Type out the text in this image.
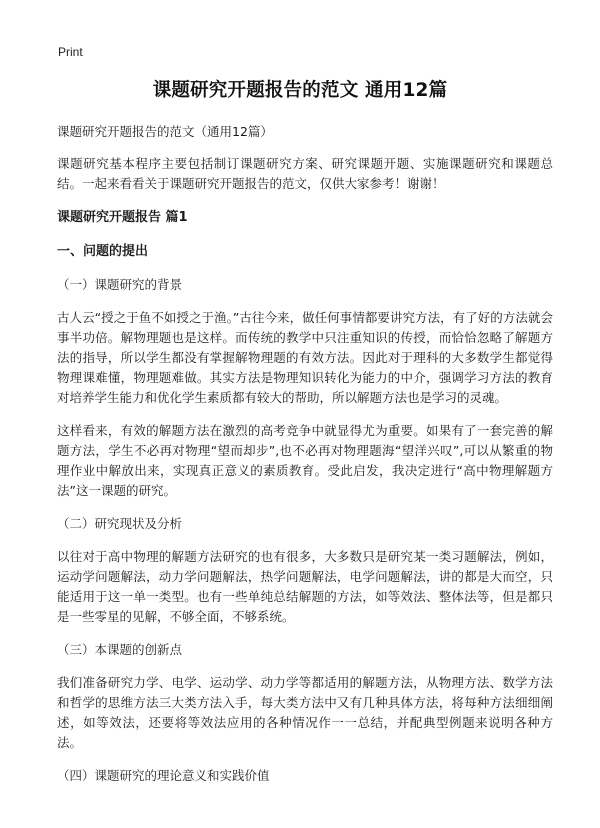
Print
课题研究开题报告的范文 通用12篇

课题研究开题报告的范文（通用12篇）

课题研究基本程序主要包括制订课题研究方案、研究课题开题、实施课题研究和课题总结。一起来看看关于课题研究开题报告的范文，仅供大家参考！谢谢！

课题研究开题报告 篇1

一、问题的提出

（一）课题研究的背景

古人云“授之于鱼不如授之于渔。”古往今来，做任何事情都要讲究方法，有了好的方法就会事半功倍。解物理题也是这样。而传统的教学中只注重知识的传授，而恰恰忽略了解题方法的指导，所以学生都没有掌握解物理题的有效方法。因此对于理科的大多数学生都觉得物理课难懂，物理题难做。其实方法是物理知识转化为能力的中介，强调学习方法的教育对培养学生能力和优化学生素质都有较大的帮助，所以解题方法也是学习的灵魂。

这样看来，有效的解题方法在激烈的高考竞争中就显得尤为重要。如果有了一套完善的解题方法，学生不必再对物理“望而却步”,也不必再对物理题海“望洋兴叹”,可以从繁重的物理作业中解放出来，实现真正意义的素质教育。受此启发，我决定进行“高中物理解题方法”这一课题的研究。

（二）研究现状及分析

以往对于高中物理的解题方法研究的也有很多，大多数只是研究某一类习题解法，例如，运动学问题解法，动力学问题解法，热学问题解法，电学问题解法，讲的都是大而空，只能适用于这一单一类型。也有一些单纯总结解题的方法，如等效法、整体法等，但是都只是一些零星的见解，不够全面，不够系统。

（三）本课题的创新点

我们准备研究力学、电学、运动学、动力学等都适用的解题方法，从物理方法、数学方法和哲学的思维方法三大类方法入手，每大类方法中又有几种具体方法，将每种方法细细阐述，如等效法，还要将等效法应用的各种情况作一一总结，并配典型例题来说明各种方法。

（四）课题研究的理论意义和实践价值
